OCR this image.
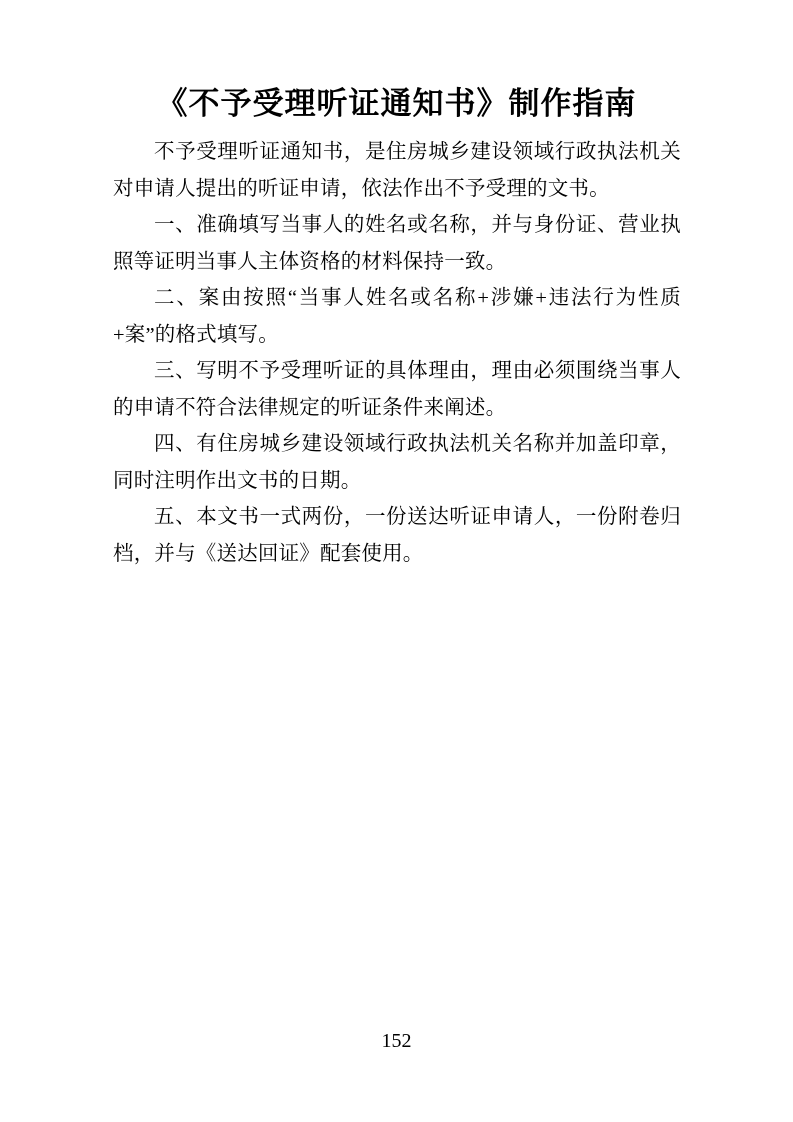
《不予受理听证通知书》制作指南

不予受理听证通知书，是住房城乡建设领域行政执法机关对申请人提出的听证申请，依法作出不予受理的文书。

一、准确填写当事人的姓名或名称，并与身份证、营业执照等证明当事人主体资格的材料保持一致。

二、案由按照“当事人姓名或名称+涉嫌+违法行为性质+案”的格式填写。

三、写明不予受理听证的具体理由，理由必须围绕当事人的申请不符合法律规定的听证条件来阐述。

四、有住房城乡建设领域行政执法机关名称并加盖印章，同时注明作出文书的日期。

五、本文书一式两份，一份送达听证申请人，一份附卷归档，并与《送达回证》配套使用。

152
